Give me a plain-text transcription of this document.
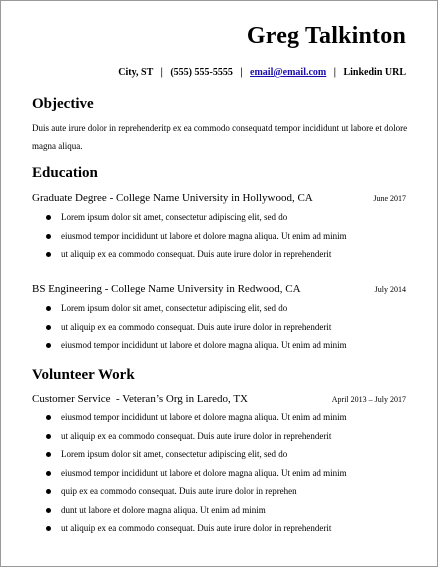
Greg Talkinton
City, ST | (555) 555-5555 | email@email.com | Linkedin URL
Objective
Duis aute irure dolor in reprehenderitp ex ea commodo consequatd tempor incididunt ut labore et dolore magna aliqua.
Education
Graduate Degree - College Name University in Hollywood, CA	June 2017
Lorem ipsum dolor sit amet, consectetur adipiscing elit, sed do
eiusmod tempor incididunt ut labore et dolore magna aliqua. Ut enim ad minim
ut aliquip ex ea commodo consequat. Duis aute irure dolor in reprehenderit
BS Engineering - College Name University in Redwood, CA	July 2014
Lorem ipsum dolor sit amet, consectetur adipiscing elit, sed do
ut aliquip ex ea commodo consequat. Duis aute irure dolor in reprehenderit
eiusmod tempor incididunt ut labore et dolore magna aliqua. Ut enim ad minim
Volunteer Work
Customer Service  - Veteran’s Org in Laredo, TX	April 2013 – July 2017
eiusmod tempor incididunt ut labore et dolore magna aliqua. Ut enim ad minim
ut aliquip ex ea commodo consequat. Duis aute irure dolor in reprehenderit
Lorem ipsum dolor sit amet, consectetur adipiscing elit, sed do
eiusmod tempor incididunt ut labore et dolore magna aliqua. Ut enim ad minim
quip ex ea commodo consequat. Duis aute irure dolor in reprehen
dunt ut labore et dolore magna aliqua. Ut enim ad minim
ut aliquip ex ea commodo consequat. Duis aute irure dolor in reprehenderit
